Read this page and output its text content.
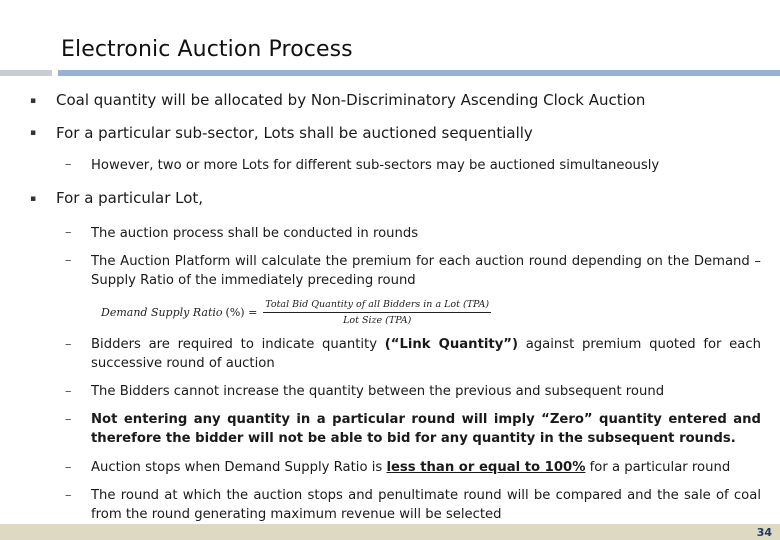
Electronic Auction Process
▪ Coal quantity will be allocated by Non-Discriminatory Ascending Clock Auction
▪ For a particular sub-sector, Lots shall be auctioned sequentially
– However, two or more Lots for different sub-sectors may be auctioned simultaneously
▪ For a particular Lot,
– The auction process shall be conducted in rounds
– The Auction Platform will calculate the premium for each auction round depending on the Demand – Supply Ratio of the immediately preceding round
Demand Supply Ratio (%) = $\frac{\text{Total Bid Quantity of all Bidders in a Lot (TPA)}}{\text{Lot Size (TPA)}}$
– Bidders are required to indicate quantity (“Link Quantity”) against premium quoted for each successive round of auction
– The Bidders cannot increase the quantity between the previous and subsequent round
– Not entering any quantity in a particular round will imply “Zero” quantity entered and therefore the bidder will not be able to bid for any quantity in the subsequent rounds.
– Auction stops when Demand Supply Ratio is less than or equal to 100% for a particular round
– The round at which the auction stops and penultimate round will be compared and the sale of coal from the round generating maximum revenue will be selected
34
